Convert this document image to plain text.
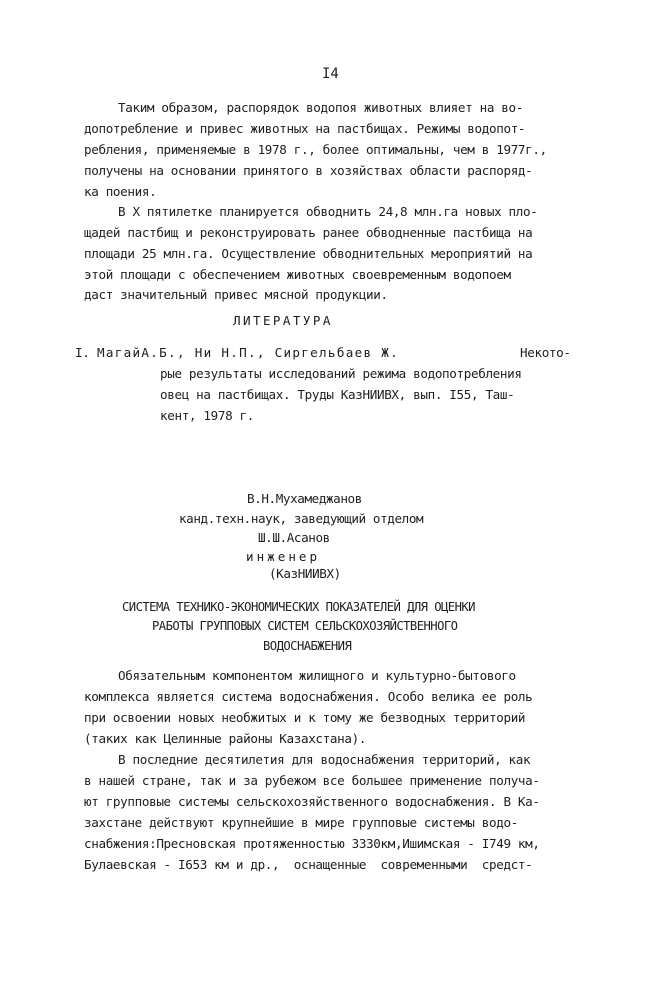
I4
Таким образом, распорядок водопоя животных влияет на во-
допотребление и привес животных на пастбищах. Режимы водопот-
ребления, применяемые в 1978 г., более оптимальны, чем в 1977г.,
получены на основании принятого в хозяйствах области распоряд-
ка поения.
В X пятилетке планируется обводнить 24,8 млн.га новых пло-
щадей пастбищ и реконструировать ранее обводненные пастбища на
площади 25 млн.га. Осуществление обводнительных мероприятий на
этой площади с обеспечением животных своевременным водопоем
даст значительный привес мясной продукции.
ЛИТЕРАТУРА
I. МагайА.Б., Ни Н.П., Сиргельбаев Ж.	Некото-
рые результаты исследований режима водопотребления
овец на пастбищах. Труды КазНИИВХ, вып. I55, Таш-
кент, 1978 г.
В.Н.Мухамеджанов
канд.техн.наук, заведующий отделом
Ш.Ш.Асанов
инженер
(КазНИИВХ)
СИСТЕМА ТЕХНИКО-ЭКОНОМИЧЕСКИХ ПОКАЗАТЕЛЕЙ ДЛЯ ОЦЕНКИ
РАБОТЫ ГРУППОВЫХ СИСТЕМ СЕЛЬСКОХОЗЯЙСТВЕННОГО
ВОДОСНАБЖЕНИЯ
Обязательным компонентом жилищного и культурно-бытового
комплекса является система водоснабжения. Особо велика ее роль
при освоении новых необжитых и к тому же безводных территорий
(таких как Целинные районы Казахстана).
В последние десятилетия для водоснабжения территорий, как
в нашей стране, так и за рубежом все большее применение получа-
ют групповые системы сельскохозяйственного водоснабжения. В Ка-
захстане действуют крупнейшие в мире групповые системы водо-
снабжения:Пресновская протяженностью 3330км,Ишимская - I749 км,
Булаевская - I653 км и др.,  оснащенные  современными  средст-
